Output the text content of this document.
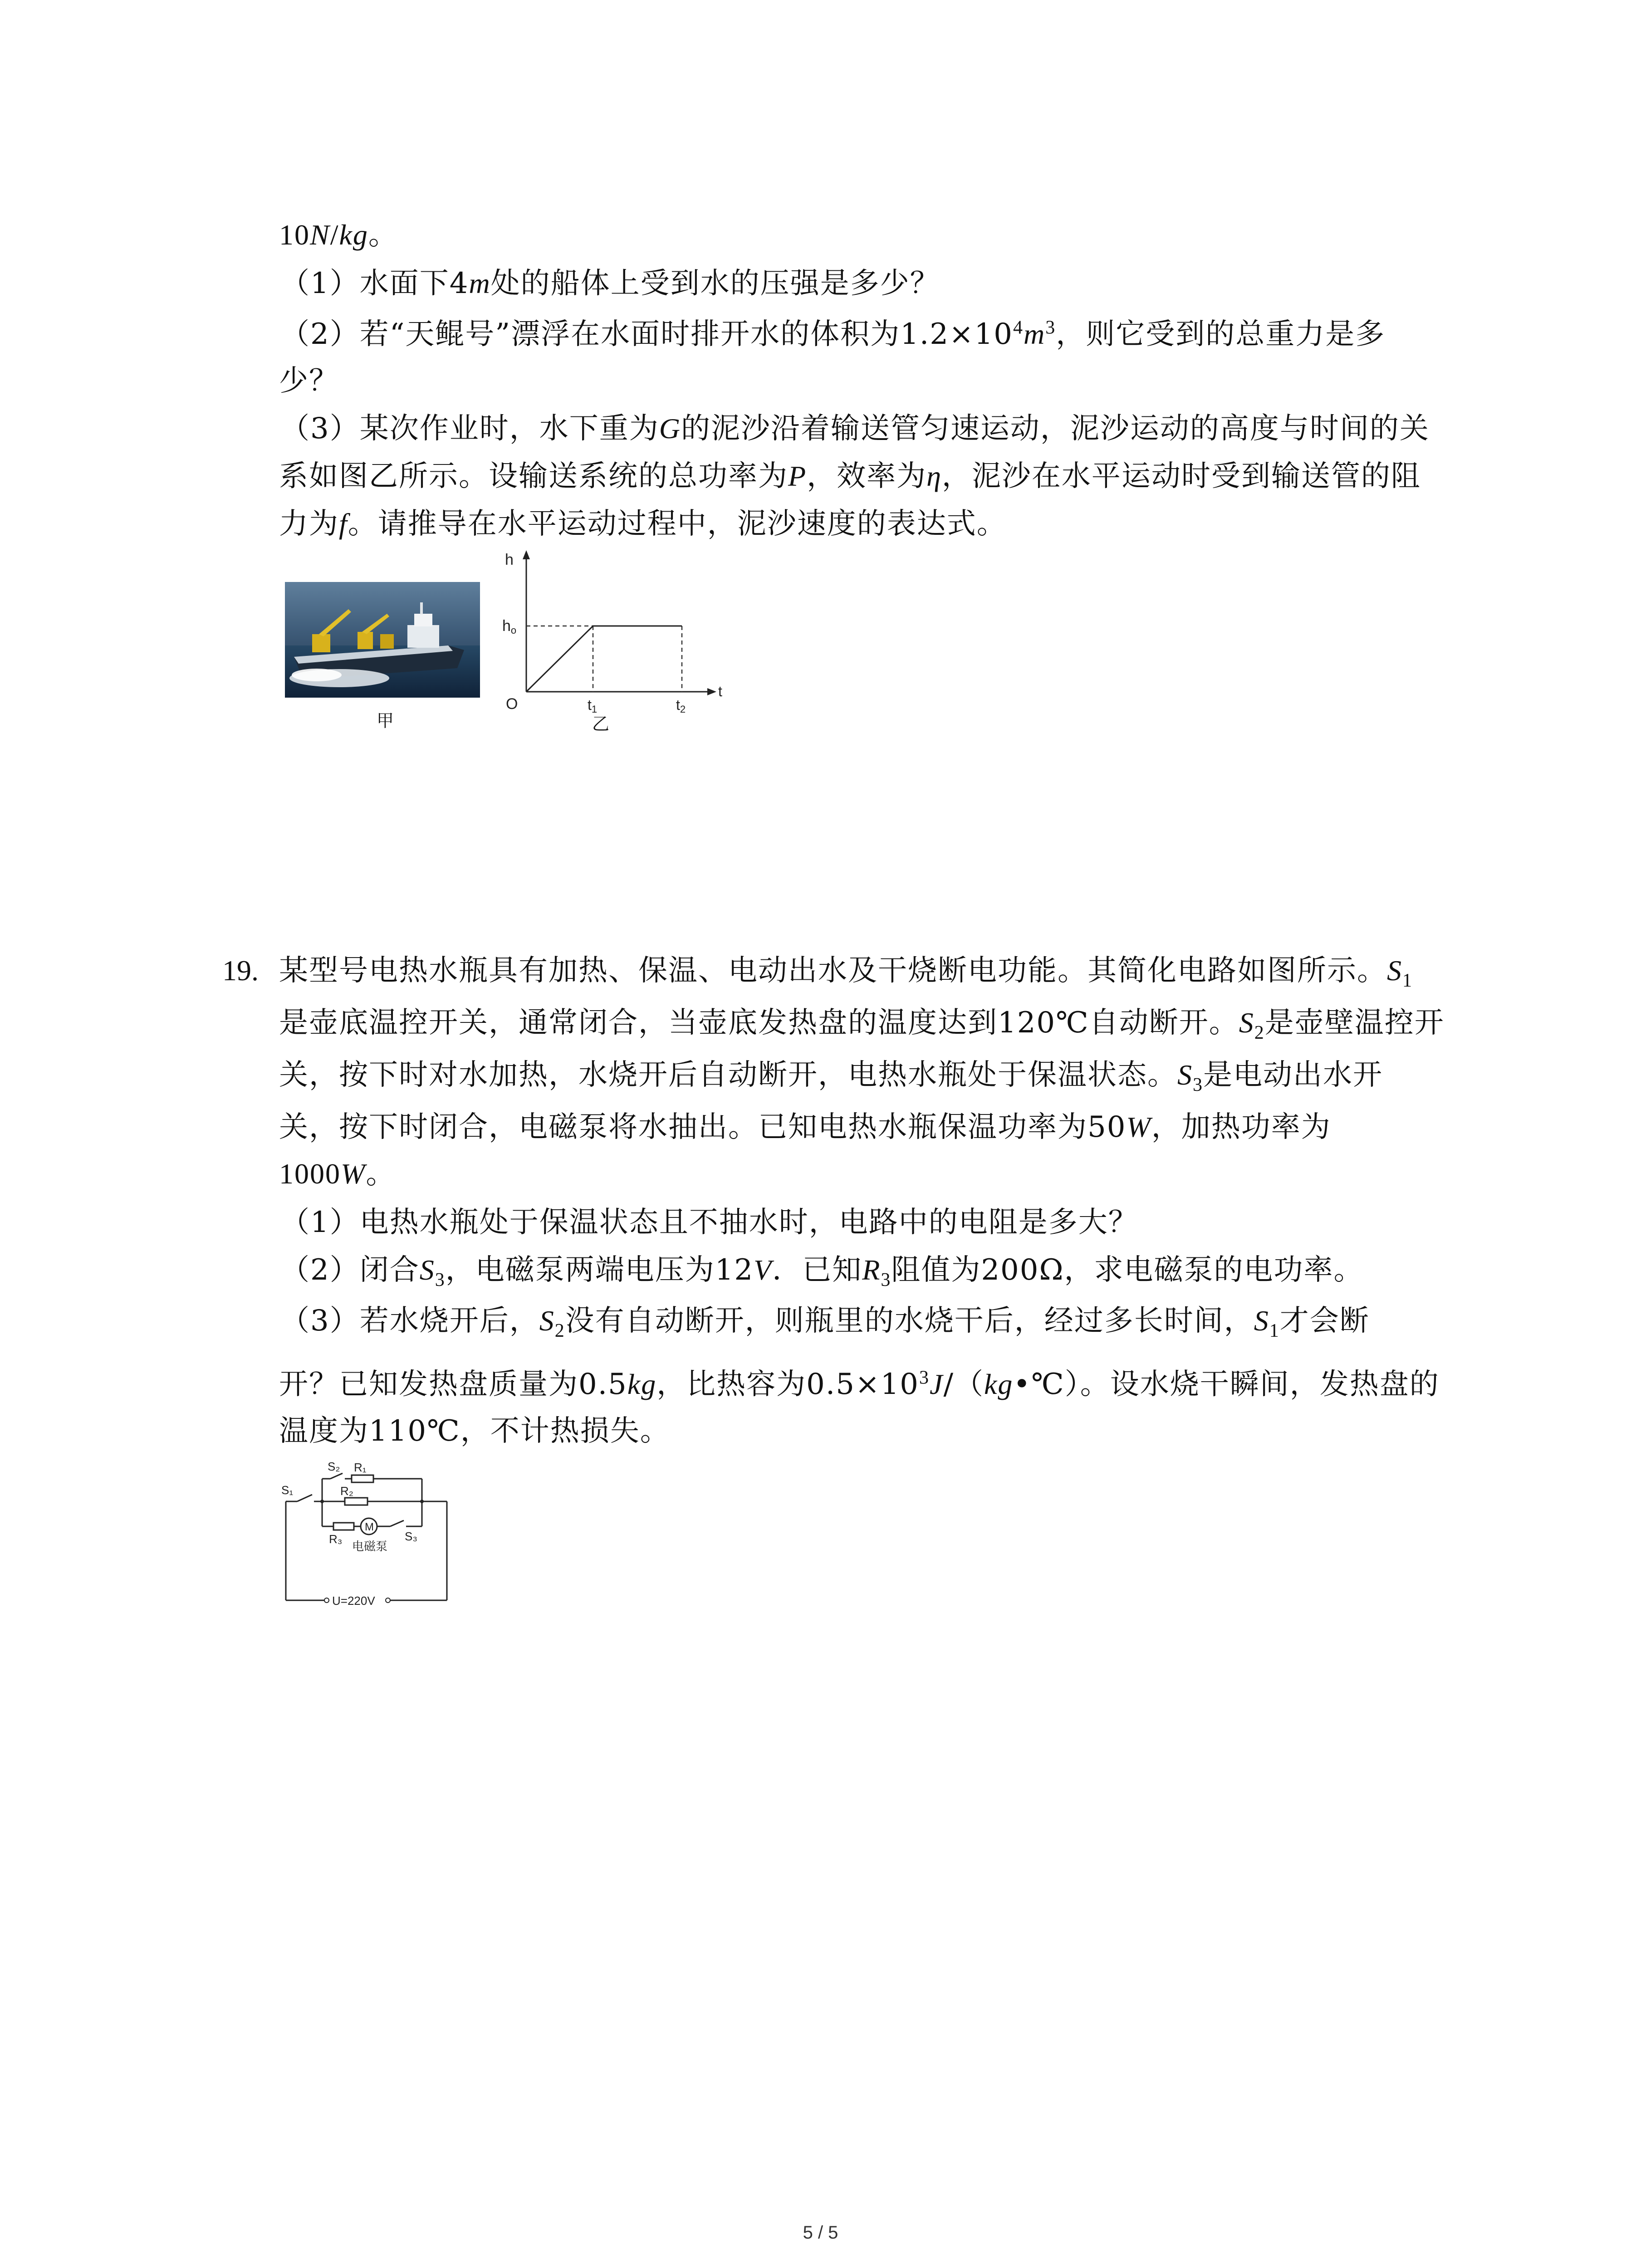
10N/kg。
（1）水面下4m处的船体上受到水的压强是多少？
（2）若“天鲲号”漂浮在水面时排开水的体积为$1.2\times 10^4m^3$，则它受到的总重力是多
少？
（3）某次作业时，水下重为G的泥沙沿着输送管匀速运动，泥沙运动的高度与时间的关
系如图乙所示。设输送系统的总功率为P，效率为η，泥沙在水平运动时受到输送管的阻
力为f。请推导在水平运动过程中，泥沙速度的表达式。
甲
h
ho
O	t1	t2
t
乙
19. 某型号电热水瓶具有加热、保温、电动出水及干烧断电功能。其简化电路如图所示。$S_1$
是壶底温控开关，通常闭合，当壶底发热盘的温度达到120℃自动断开。$S_2$是壶壁温控开
关，按下时对水加热，水烧开后自动断开，电热水瓶处于保温状态。$S_3$是电动出水开
关，按下时闭合，电磁泵将水抽出。已知电热水瓶保温功率为50W，加热功率为
1000W。
（1）电热水瓶处于保温状态且不抽水时，电路中的电阻是多大？
（2）闭合$S_3$，电磁泵两端电压为12V．已知$R_3$阻值为200Ω，求电磁泵的电功率。
（3）若水烧开后，$S_2$没有自动断开，则瓶里的水烧干后，经过多长时间，$S_1$才会断
开？已知发热盘质量为0.5kg，比热容为$0.5\times 10^3J/(kg•℃)$。设水烧干瞬间，发热盘的
温度为110℃，不计热损失。
S₁
S₂ R₁
R₂
R₃
M
电磁泵
S₃
U=220V
5 / 5
